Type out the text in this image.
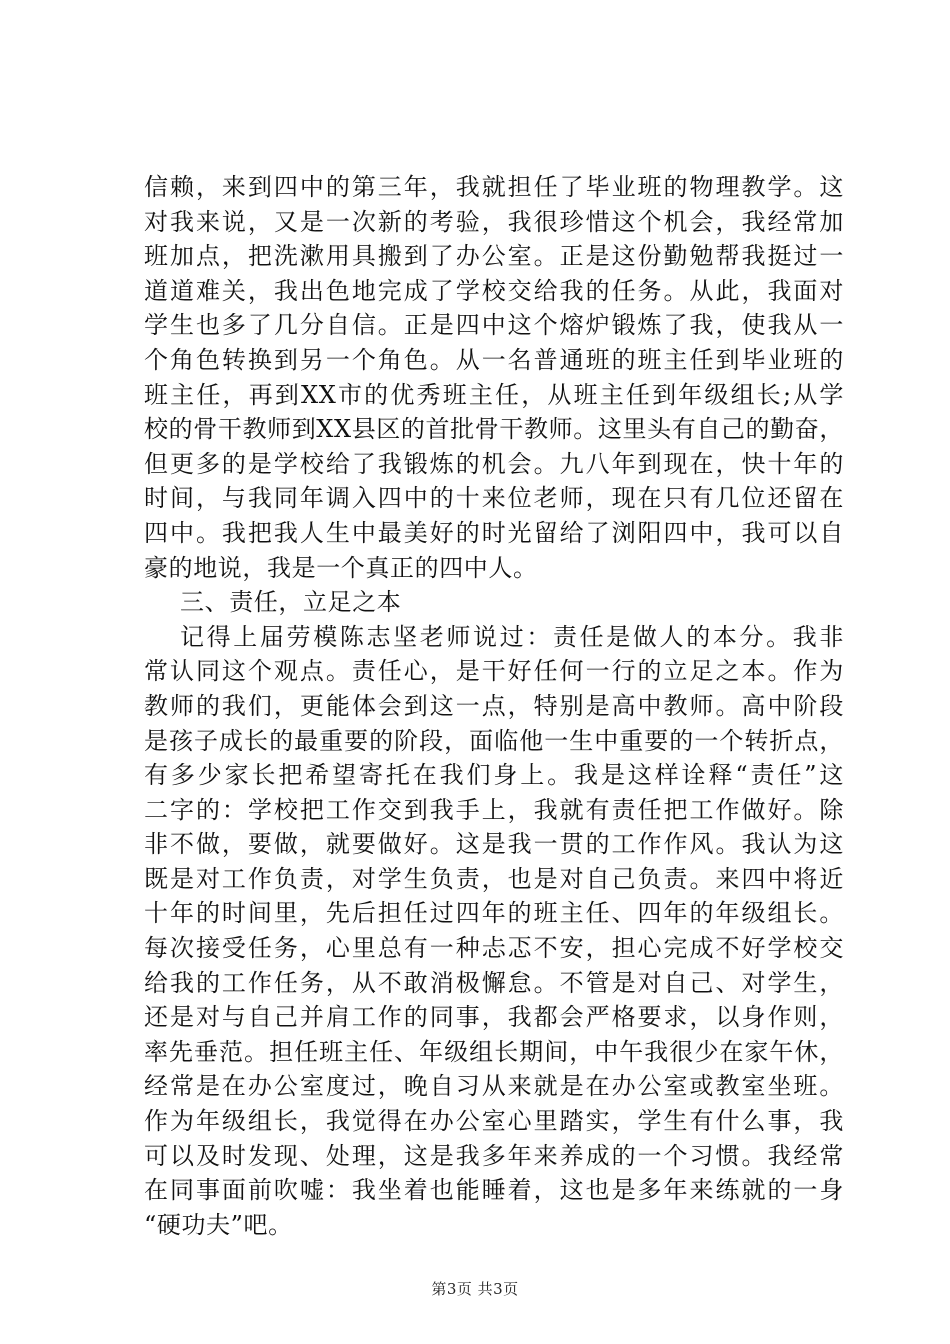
信赖，来到四中的第三年，我就担任了毕业班的物理教学。这
对我来说，又是一次新的考验，我很珍惜这个机会，我经常加
班加点，把洗漱用具搬到了办公室。正是这份勤勉帮我挺过一
道道难关，我出色地完成了学校交给我的任务。从此，我面对
学生也多了几分自信。正是四中这个熔炉锻炼了我，使我从一
个角色转换到另一个角色。从一名普通班的班主任到毕业班的
班主任，再到XX市的优秀班主任，从班主任到年级组长;从学
校的骨干教师到XX县区的首批骨干教师。这里头有自己的勤奋，
但更多的是学校给了我锻炼的机会。九八年到现在，快十年的
时间，与我同年调入四中的十来位老师，现在只有几位还留在
四中。我把我人生中最美好的时光留给了浏阳四中，我可以自
豪的地说，我是一个真正的四中人。
三、责任，立足之本
记得上届劳模陈志坚老师说过：责任是做人的本分。我非
常认同这个观点。责任心，是干好任何一行的立足之本。作为
教师的我们，更能体会到这一点，特别是高中教师。高中阶段
是孩子成长的最重要的阶段，面临他一生中重要的一个转折点，
有多少家长把希望寄托在我们身上。我是这样诠释“责任”这
二字的：学校把工作交到我手上，我就有责任把工作做好。除
非不做，要做，就要做好。这是我一贯的工作作风。我认为这
既是对工作负责，对学生负责，也是对自己负责。来四中将近
十年的时间里，先后担任过四年的班主任、四年的年级组长。
每次接受任务，心里总有一种忐忑不安，担心完成不好学校交
给我的工作任务，从不敢消极懈怠。不管是对自己、对学生，
还是对与自己并肩工作的同事，我都会严格要求，以身作则，
率先垂范。担任班主任、年级组长期间，中午我很少在家午休，
经常是在办公室度过，晚自习从来就是在办公室或教室坐班。
作为年级组长，我觉得在办公室心里踏实，学生有什么事，我
可以及时发现、处理，这是我多年来养成的一个习惯。我经常
在同事面前吹嘘：我坐着也能睡着，这也是多年来练就的一身
“硬功夫”吧。
第3页 共3页
